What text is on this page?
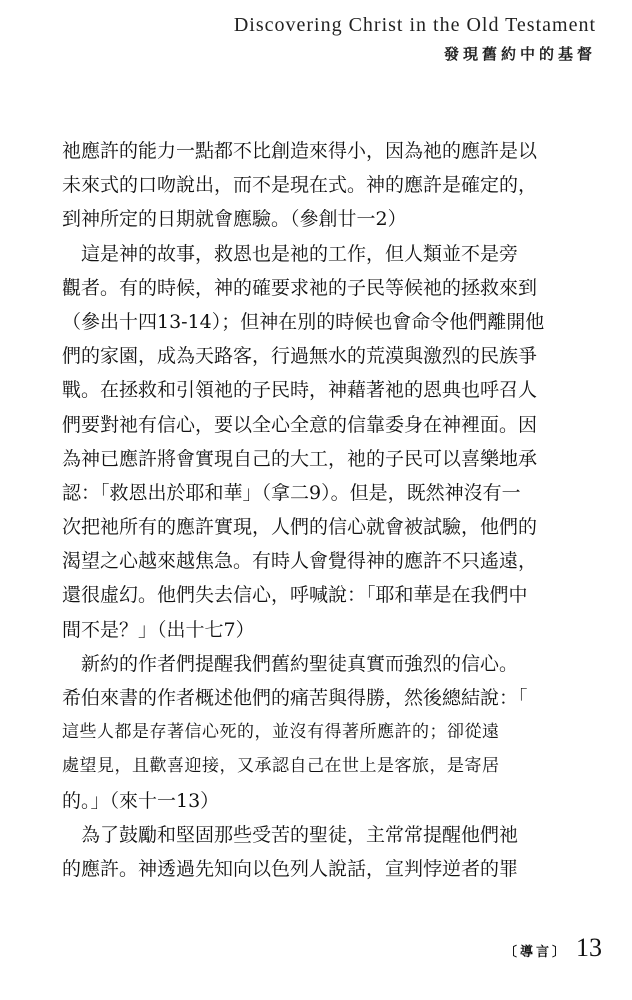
Discovering Christ in the Old Testament
發現舊約中的基督
祂應許的能力一點都不比創造來得小，因為祂的應許是以
未來式的口吻說出，而不是現在式。神的應許是確定的，
到神所定的日期就會應驗。（參創廿一2）
　這是神的故事，救恩也是祂的工作，但人類並不是旁
觀者。有的時候，神的確要求祂的子民等候祂的拯救來到
（參出十四13-14）；但神在別的時候也會命令他們離開他
們的家園，成為天路客，行過無水的荒漠與激烈的民族爭
戰。在拯救和引領祂的子民時，神藉著祂的恩典也呼召人
們要對祂有信心，要以全心全意的信靠委身在神裡面。因
為神已應許將會實現自己的大工，祂的子民可以喜樂地承
認：「救恩出於耶和華」（拿二9）。但是，既然神沒有一
次把祂所有的應許實現，人們的信心就會被試驗，他們的
渴望之心越來越焦急。有時人會覺得神的應許不只遙遠，
還很虛幻。他們失去信心，呼喊說：「耶和華是在我們中
間不是？」（出十七7）
　新約的作者們提醒我們舊約聖徒真實而強烈的信心。
希伯來書的作者概述他們的痛苦與得勝，然後總結說：「
這些人都是存著信心死的，並沒有得著所應許的；卻從遠
處望見，且歡喜迎接，又承認自己在世上是客旅，是寄居
的。」（來十一13）
　為了鼓勵和堅固那些受苦的聖徒，主常常提醒他們祂
的應許。神透過先知向以色列人說話，宣判悖逆者的罪
〔導言〕 13
